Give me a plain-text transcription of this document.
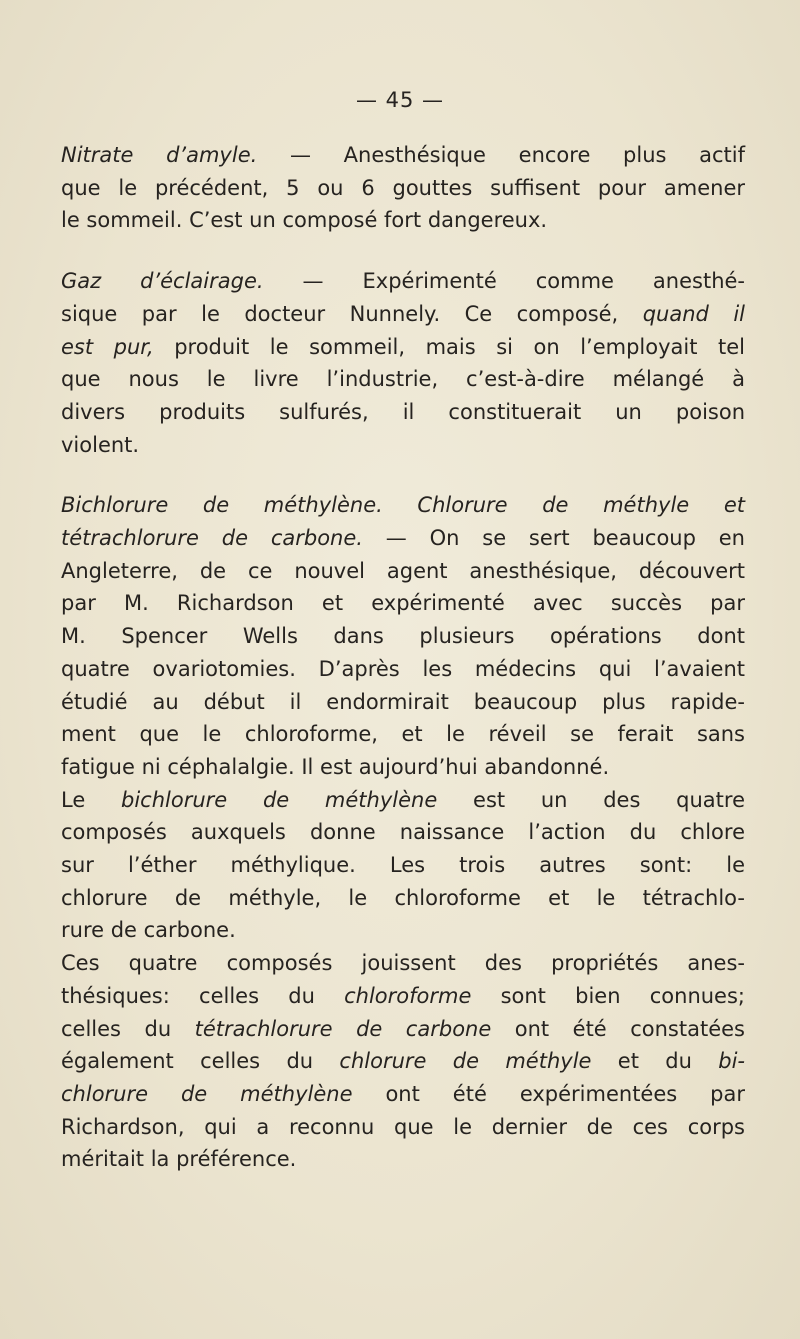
— 45 —

Nitrate d’amyle. — Anesthésique encore plus actif
que le précédent, 5 ou 6 gouttes suffisent pour amener
le sommeil. C’est un composé fort dangereux.

Gaz d’éclairage. — Expérimenté comme anesthé-
sique par le docteur Nunnely. Ce composé, quand il
est pur, produit le sommeil, mais si on l’employait tel
que nous le livre l’industrie, c’est-à-dire mélangé à
divers produits sulfurés, il constituerait un poison
violent.

Bichlorure de méthylène. Chlorure de méthyle et
tétrachlorure de carbone. — On se sert beaucoup en
Angleterre, de ce nouvel agent anesthésique, découvert
par M. Richardson et expérimenté avec succès par
M. Spencer Wells dans plusieurs opérations dont
quatre ovariotomies. D’après les médecins qui l’avaient
étudié au début il endormirait beaucoup plus rapide-
ment que le chloroforme, et le réveil se ferait sans
fatigue ni céphalalgie. Il est aujourd’hui abandonné.

Le bichlorure de méthylène est un des quatre
composés auxquels donne naissance l’action du chlore
sur l’éther méthylique. Les trois autres sont: le
chlorure de méthyle, le chloroforme et le tétrachlo-
rure de carbone.

Ces quatre composés jouissent des propriétés anes-
thésiques: celles du chloroforme sont bien connues;
celles du tétrachlorure de carbone ont été constatées
également celles du chlorure de méthyle et du bi-
chlorure de méthylène ont été expérimentées par
Richardson, qui a reconnu que le dernier de ces corps
méritait la préférence.
